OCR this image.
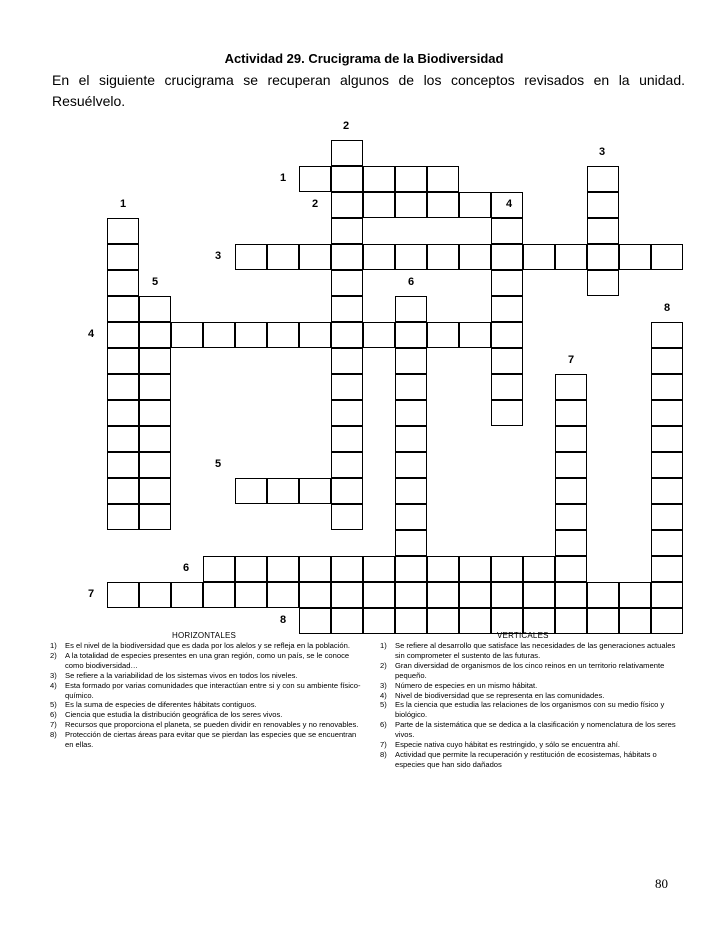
Actividad 29. Crucigrama de la Biodiversidad
En el siguiente crucigrama se recuperan algunos de los conceptos revisados en la unidad. Resuélvelo.
2
3
1
1	2	4
3
5	6
8
4
7
5
6
7
8
HORIZONTALES
1) Es el nivel de la biodiversidad que es dada por los alelos y se refleja en la población.
2) A la totalidad de especies presentes en una gran región, como un país, se le conoce como biodiversidad…
3) Se refiere a la variabilidad de los sistemas vivos en todos los niveles.
4) Esta formado por varias comunidades que interactúan entre si y con su ambiente físico-químico.
5) Es la suma de especies de diferentes hábitats contiguos.
6) Ciencia que estudia la distribución geográfica de los seres vivos.
7) Recursos que proporciona el planeta, se pueden dividir en renovables y no renovables.
8) Protección de ciertas áreas para evitar que se pierdan las especies que se encuentran en ellas.
VERTICALES
1) Se refiere al desarrollo que satisface las necesidades de las generaciones actuales sin comprometer el sustento de las futuras.
2) Gran diversidad de organismos de los cinco reinos en un territorio relativamente pequeño.
3) Número de especies en un mismo hábitat.
4) Nivel de biodiversidad que se representa en las comunidades.
5) Es la ciencia que estudia las relaciones de los organismos con su medio físico y biológico.
6) Parte de la sistemática que se dedica a la clasificación y nomenclatura de los seres vivos.
7) Especie nativa cuyo hábitat es restringido, y sólo se encuentra ahí.
8) Actividad que permite la recuperación y restitución de ecosistemas, hábitats o especies que han sido dañados
80
